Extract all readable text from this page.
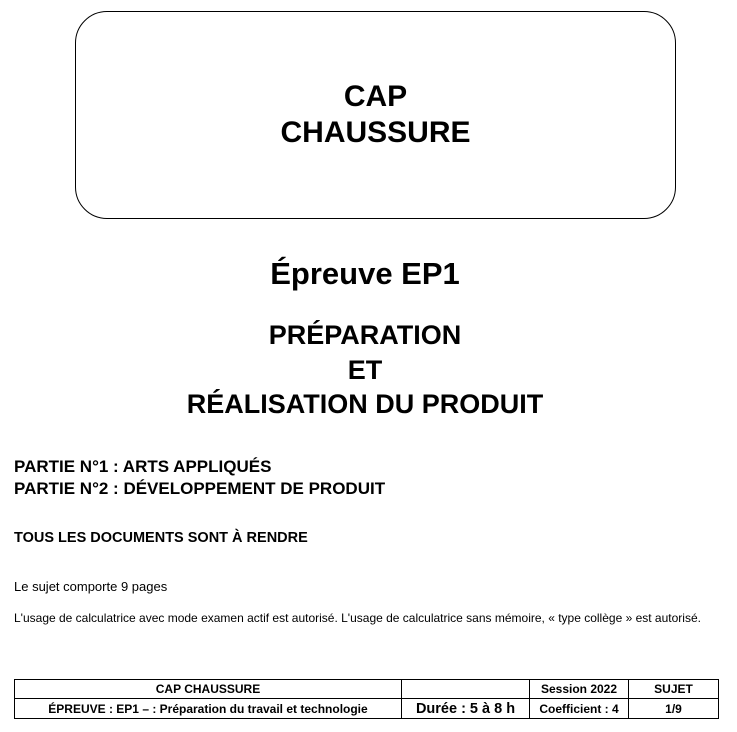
CAP
CHAUSSURE
Épreuve EP1
PRÉPARATION
ET
RÉALISATION DU PRODUIT
PARTIE N°1 : ARTS APPLIQUÉS
PARTIE N°2 : DÉVELOPPEMENT DE PRODUIT
TOUS LES DOCUMENTS SONT À RENDRE
Le sujet comporte 9 pages
L'usage de calculatrice avec mode examen actif est autorisé. L'usage de calculatrice sans mémoire, « type collège » est autorisé.
CAP CHAUSSURE		Session 2022	SUJET
ÉPREUVE : EP1 – : Préparation du travail et technologie	Durée : 5 à 8 h	Coefficient : 4	1/9
